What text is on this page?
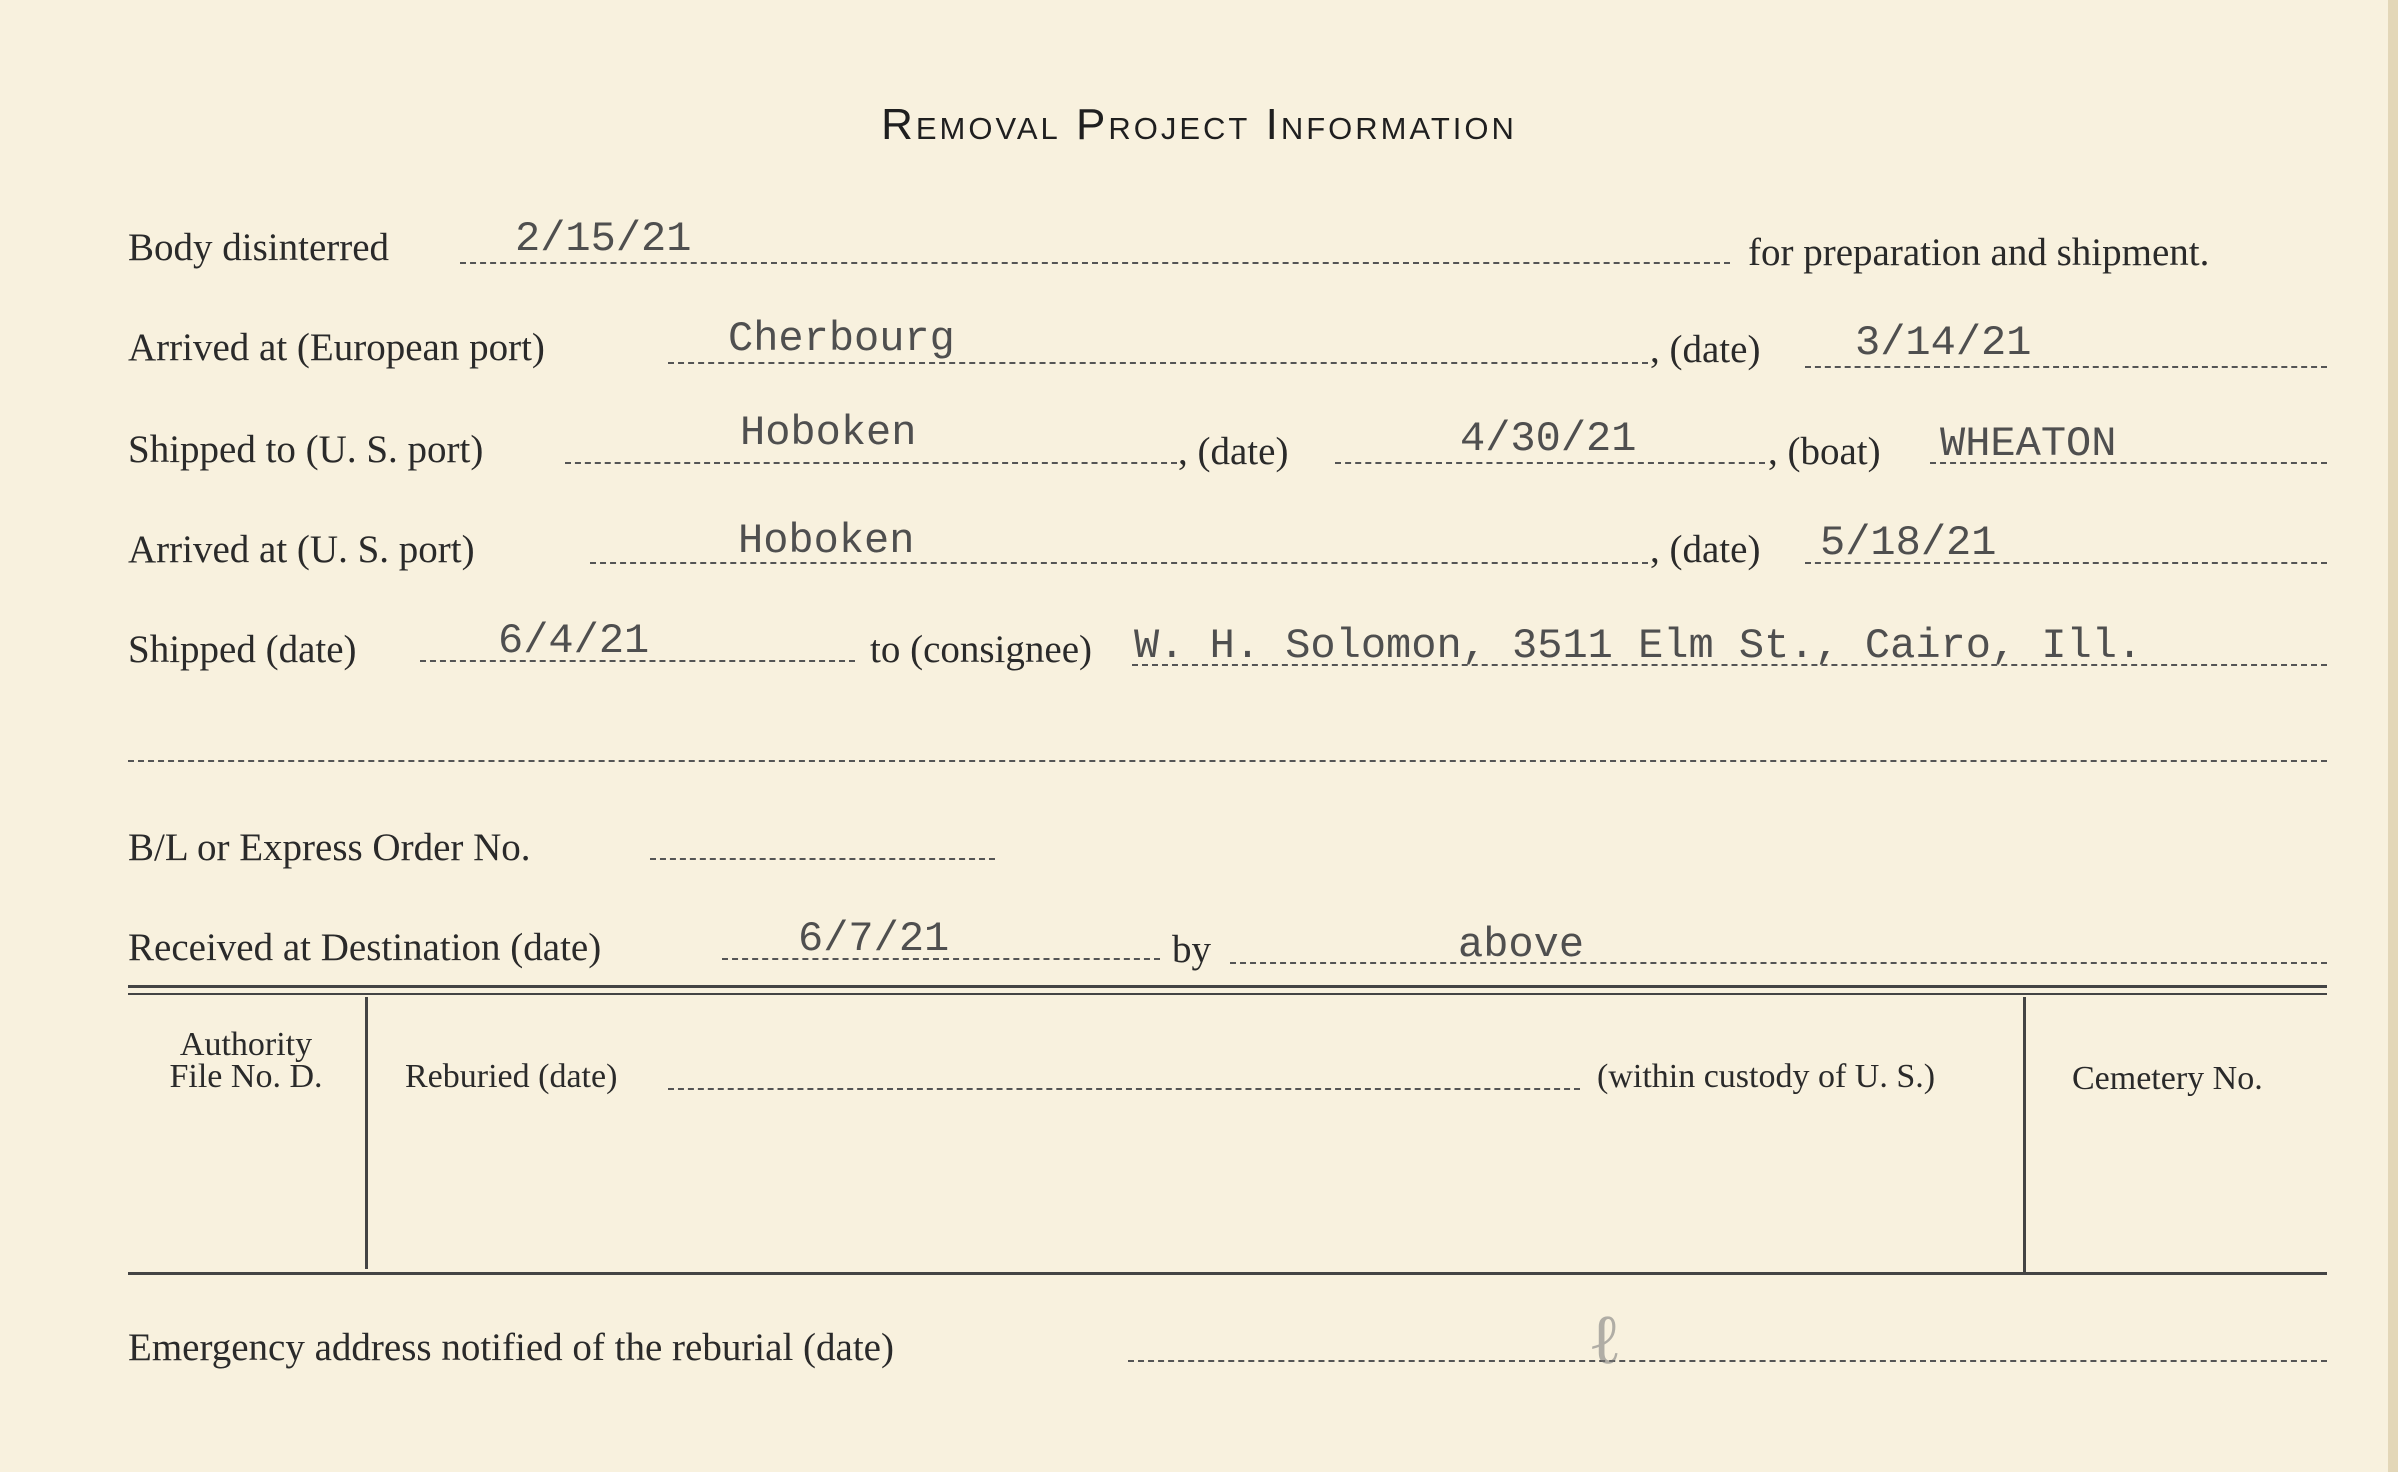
Removal Project Information
Body disinterred	2/15/21	for preparation and shipment.
Arrived at (European port)	Cherbourg	, (date) 3/14/21
Shipped to (U. S. port)	Hoboken	, (date)	4/30/21	, (boat) WHEATON
Arrived at (U. S. port)	Hoboken	, (date) 5/18/21
Shipped (date)	6/4/21	to (consignee) W. H. Solomon, 3511 Elm St., Cairo, Ill.
B/L or Express Order No.
Received at Destination (date)	6/7/21	by	above
Authority
File No. D.	Reburied (date)	(within custody of U. S.)	Cemetery No.
Emergency address notified of the reburial (date)	ℓ
